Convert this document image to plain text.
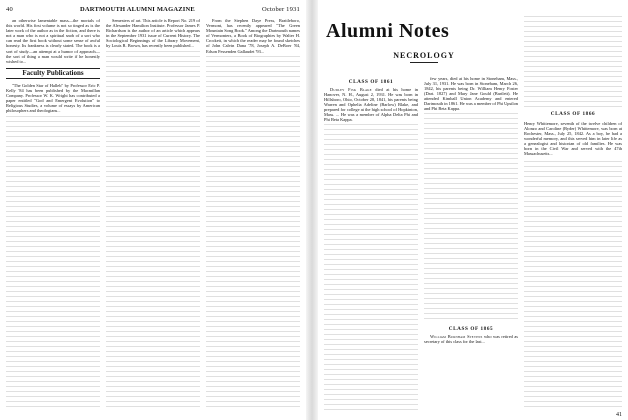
40	DARTMOUTH ALUMNI MAGAZINE	October 1931

an otherwise lamentable mass—the mortals of this world. His first volume is not so tinged as is the later work of the author as in the fiction, and there is not a man who is not a spiritual snob of a sort who can read the first book without some sense of awful honesty. Its frankness is clearly stated. The book is a sort of study—an attempt at a humor of approach—the sort of thing a man would write if he honestly wished to...

Faculty Publications

"The Golden Star of Halleb" by Professor Eric P. Kelly '84 has been published by the Macmillan Company. Professor W. K. Wright has contributed a paper entitled "God and Emergent Evolution" to Religious Studies, a volume of essays by American philosophers and theologians...

Semesters of art. This article is Report No. 219 of the Alexander Hamilton Institute. Professor James P. Richardson is the author of an article which appears in the September 1931 issue of Current History. The Sociological Beginnings of the Library Movement, by Louis R. Brown, has recently been published...

From the Stephen Daye Press, Brattleboro, Vermont, has recently appeared "The Green Mountain Song Book." Among the Dartmouth names of Vermonters, a Book of Biographies by Walter H. Crockett, in which the reader may be found sketches of John Calvin Dana '78, Joseph A. DeBoer '84, Edson Fessenden Gallaudet '93...

Alumni Notes
NECROLOGY
CLASS OF 1861

Dudley Fisk Blake died at his home in Hanover, N. H., August 2, 1931. He was born in Hillsboro, Ohio, October 28, 1841, his parents being Warren and Ophelia Adeline (Barlow) Blake, and prepared for college at the high school of Hopkinton, Mass. ... He was a member of Alpha Delta Phi and Phi Beta Kappa.

few years, died at his home in Stoneham, Mass., July 31, 1931. He was born in Stoneham, March 26, 1842, his parents being Dr. William Henry Foster (Dart. 1827) and Mary Jane Gould (Bartlett). He attended Kimball Union Academy and entered Dartmouth in 1861. He was a member of Phi Upsilon and Phi Beta Kappa.

CLASS OF 1865

William Burnham Stevens who was retired as secretary of this class for the last...

CLASS OF 1866

Henry Whittemore, seventh of the twelve children of Alonzo and Caroline (Ryder) Whittemore, was born at Rochester, Mass., July 25, 1842. As a boy, he had a wonderful memory, and this served him in later life as a genealogist and historian of old families. He was born in the Civil War and served with the 47th Massachusetts...

41
